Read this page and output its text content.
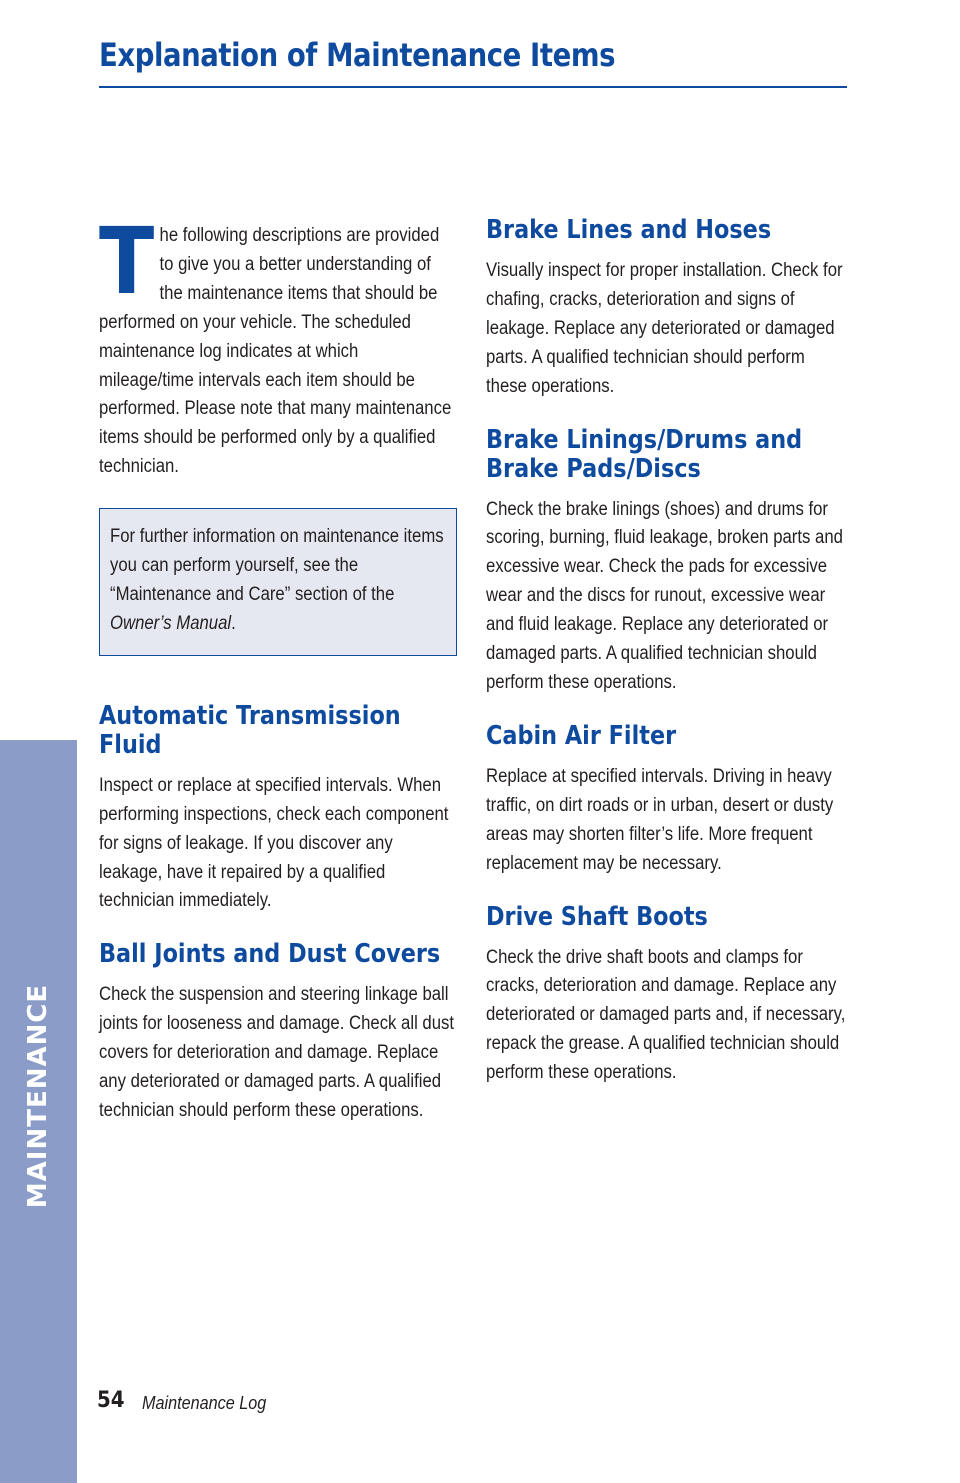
Explanation of Maintenance Items
The following descriptions are provided to give you a better understanding of the maintenance items that should be performed on your vehicle. The scheduled maintenance log indicates at which mileage/time intervals each item should be performed. Please note that many maintenance items should be performed only by a qualified technician.
For further information on maintenance items you can perform yourself, see the “Maintenance and Care” section of the Owner’s Manual.
Automatic Transmission Fluid
Inspect or replace at specified intervals. When performing inspections, check each component for signs of leakage. If you discover any leakage, have it repaired by a qualified technician immediately.
Ball Joints and Dust Covers
Check the suspension and steering linkage ball joints for looseness and damage. Check all dust covers for deterioration and damage. Replace any deteriorated or damaged parts. A qualified technician should perform these operations.
Brake Lines and Hoses
Visually inspect for proper installation. Check for chafing, cracks, deterioration and signs of leakage. Replace any deteriorated or damaged parts. A qualified technician should perform these operations.
Brake Linings/Drums and Brake Pads/Discs
Check the brake linings (shoes) and drums for scoring, burning, fluid leakage, broken parts and excessive wear. Check the pads for excessive wear and the discs for runout, excessive wear and fluid leakage. Replace any deteriorated or damaged parts. A qualified technician should perform these operations.
Cabin Air Filter
Replace at specified intervals. Driving in heavy traffic, on dirt roads or in urban, desert or dusty areas may shorten filter’s life. More frequent replacement may be necessary.
Drive Shaft Boots
Check the drive shaft boots and clamps for cracks, deterioration and damage. Replace any deteriorated or damaged parts and, if necessary, repack the grease. A qualified technician should perform these operations.
MAINTENANCE
54 Maintenance Log
